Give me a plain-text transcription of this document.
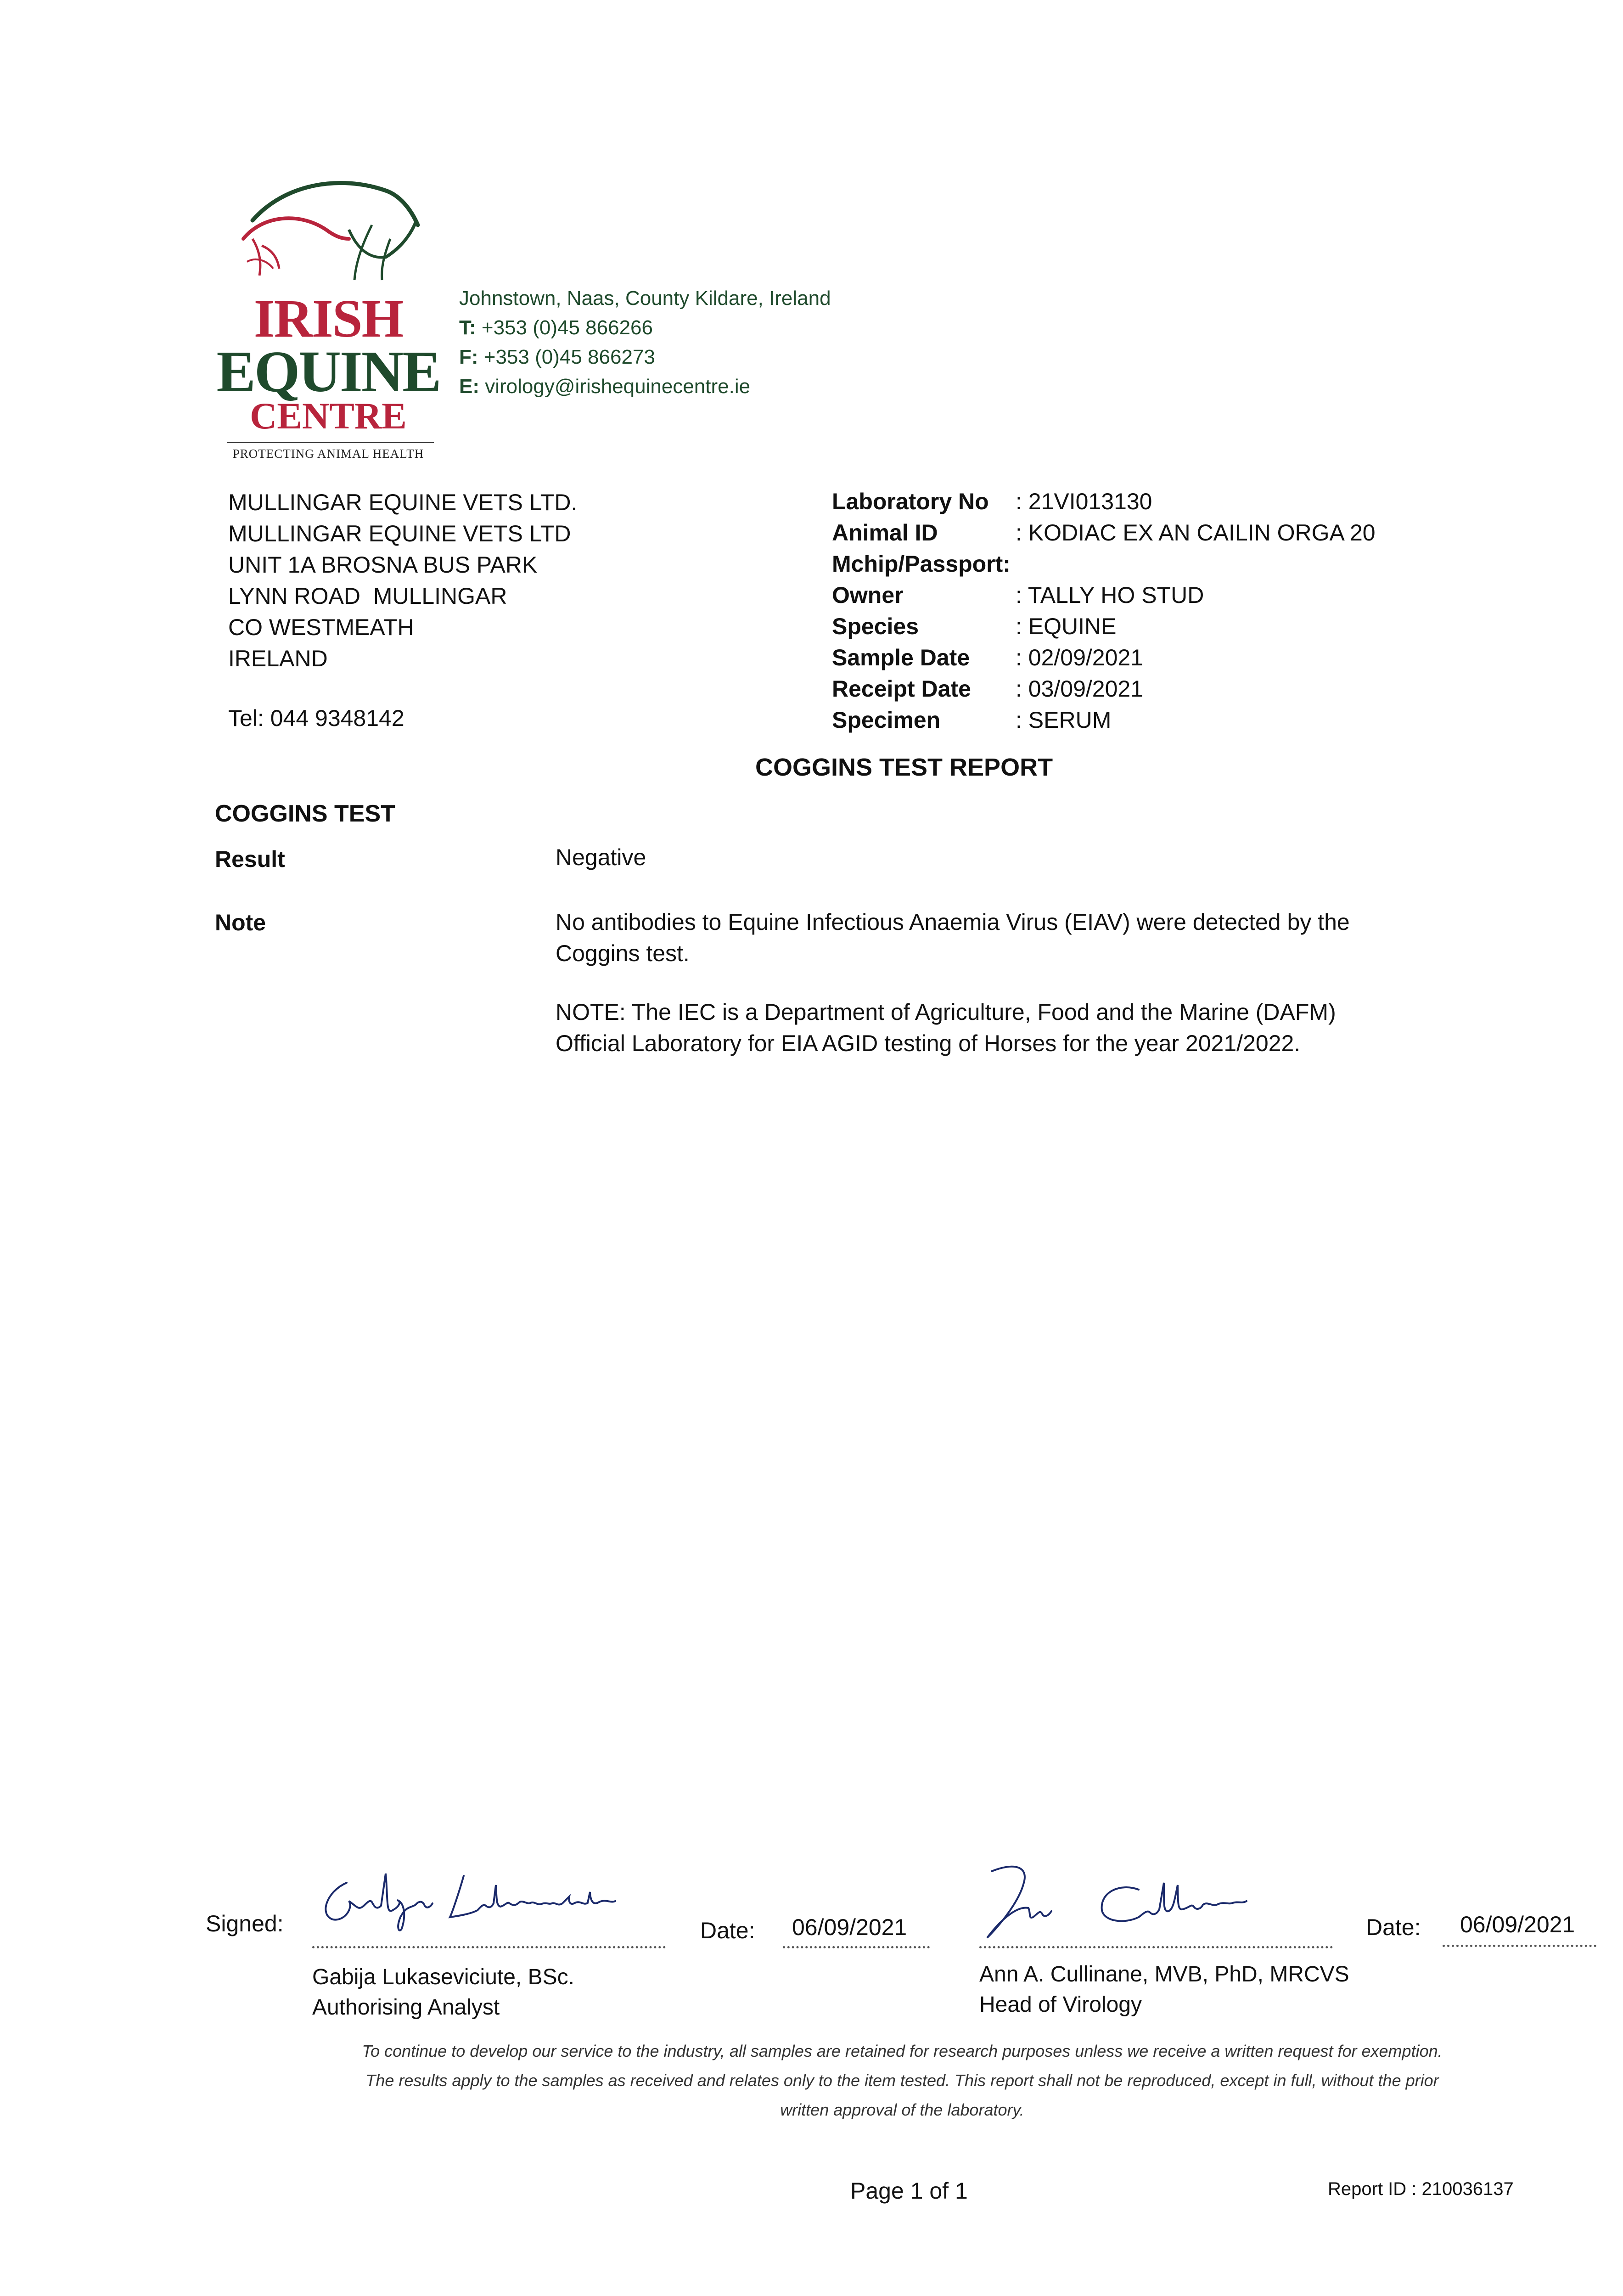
IRISH
EQUINE
CENTRE
PROTECTING ANIMAL HEALTH
Johnstown, Naas, County Kildare, Ireland
T: +353 (0)45 866266
F: +353 (0)45 866273
E: virology@irishequinecentre.ie
MULLINGAR EQUINE VETS LTD.
MULLINGAR EQUINE VETS LTD
UNIT 1A BROSNA BUS PARK
LYNN ROAD  MULLINGAR
CO WESTMEATH
IRELAND
Tel: 044 9348142
Laboratory No : 21VI013130
Animal ID	: KODIAC EX AN CAILIN ORGA 20
Mchip/Passport:
Owner	: TALLY HO STUD
Species	: EQUINE
Sample Date : 02/09/2021
Receipt Date : 03/09/2021
Specimen	: SERUM
COGGINS TEST REPORT
COGGINS TEST
Result	Negative
Note	No antibodies to Equine Infectious Anaemia Virus (EIAV) were detected by the Coggins test.
NOTE: The IEC is a Department of Agriculture, Food and the Marine (DAFM) Official Laboratory for EIA AGID testing of Horses for the year 2021/2022.
Signed:	Date: 06/09/2021	Date: 06/09/2021
Gabija Lukaseviciute, BSc.
Authorising Analyst
Ann A. Cullinane, MVB, PhD, MRCVS
Head of Virology
To continue to develop our service to the industry, all samples are retained for research purposes unless we receive a written request for exemption.
The results apply to the samples as received and relates only to the item tested. This report shall not be reproduced, except in full, without the prior
written approval of the laboratory.
Page 1 of 1	Report ID : 210036137
